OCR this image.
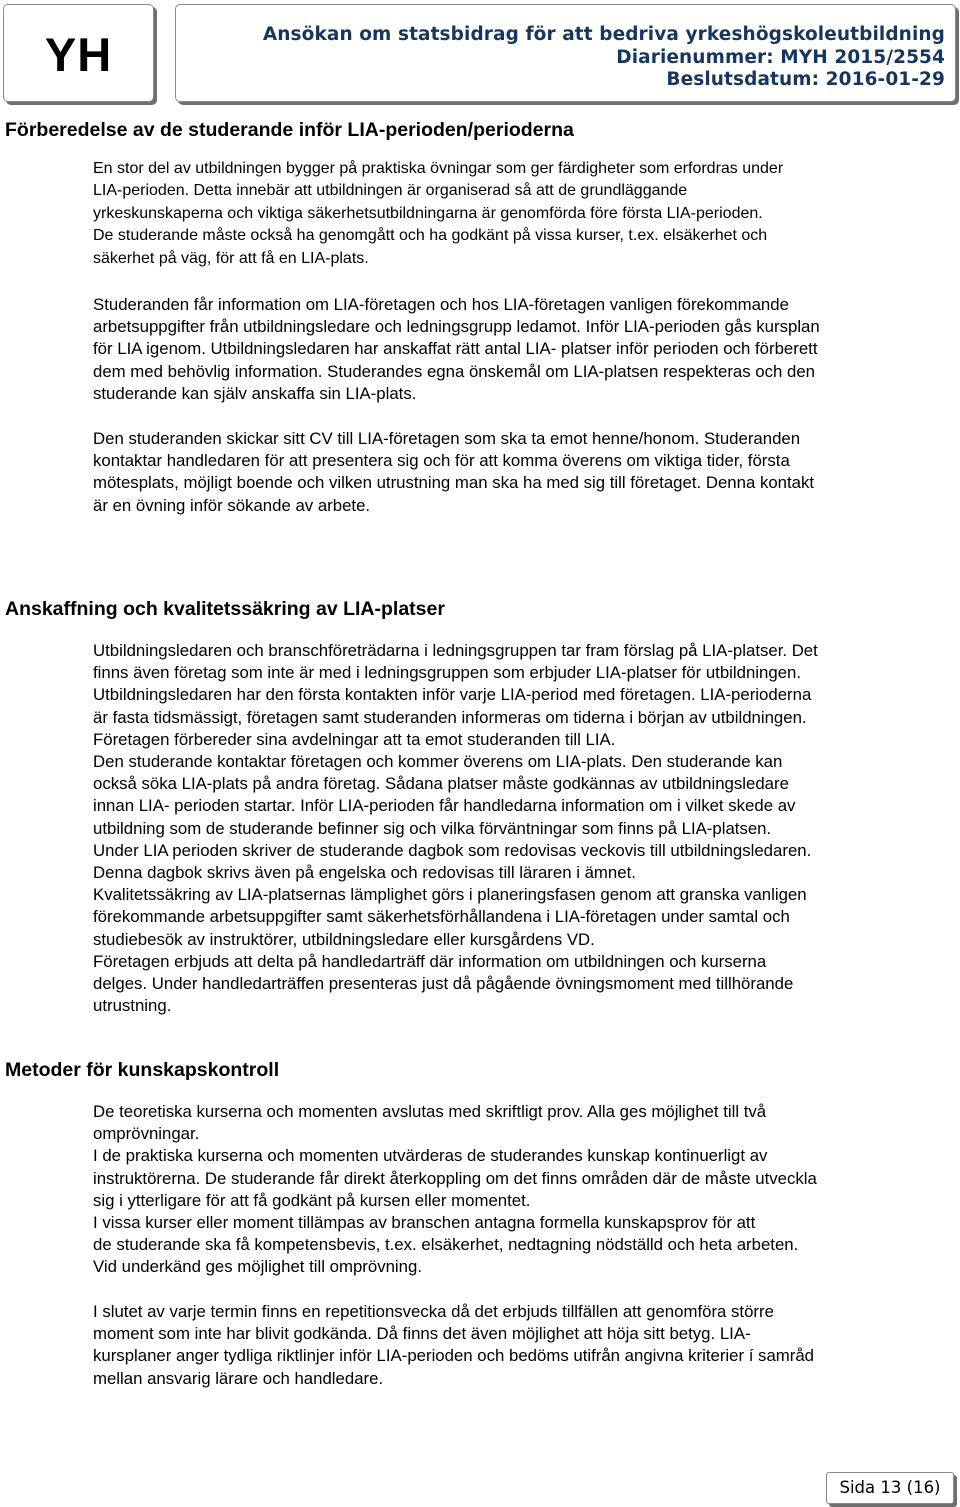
YH	Ansökan om statsbidrag för att bedriva yrkeshögskoleutbildning
Diarienummer: MYH 2015/2554
Beslutsdatum: 2016-01-29
Förberedelse av de studerande inför LIA-perioden/perioderna

En stor del av utbildningen bygger på praktiska övningar som ger färdigheter som erfordras under
LIA-perioden. Detta innebär att utbildningen är organiserad så att de grundläggande
yrkeskunskaperna och viktiga säkerhetsutbildningarna är genomförda före första LIA-perioden.
De studerande måste också ha genomgått och ha godkänt på vissa kurser, t.ex. elsäkerhet och
säkerhet på väg, för att få en LIA-plats.

Studeranden får information om LIA-företagen och hos LIA-företagen vanligen förekommande
arbetsuppgifter från utbildningsledare och ledningsgrupp ledamot. Inför LIA-perioden gås kursplan
för LIA igenom. Utbildningsledaren har anskaffat rätt antal LIA- platser inför perioden och förberett
dem med behövlig information. Studerandes egna önskemål om LIA-platsen respekteras och den
studerande kan själv anskaffa sin LIA-plats.

Den studeranden skickar sitt CV till LIA-företagen som ska ta emot henne/honom. Studeranden
kontaktar handledaren för att presentera sig och för att komma överens om viktiga tider, första
mötesplats, möjligt boende och vilken utrustning man ska ha med sig till företaget. Denna kontakt
är en övning inför sökande av arbete.

Anskaffning och kvalitetssäkring av LIA-platser

Utbildningsledaren och branschföreträdarna i ledningsgruppen tar fram förslag på LIA-platser. Det
finns även företag som inte är med i ledningsgruppen som erbjuder LIA-platser för utbildningen.
Utbildningsledaren har den första kontakten inför varje LIA-period med företagen. LIA-perioderna
är fasta tidsmässigt, företagen samt studeranden informeras om tiderna i början av utbildningen.
Företagen förbereder sina avdelningar att ta emot studeranden till LIA.
Den studerande kontaktar företagen och kommer överens om LIA-plats. Den studerande kan
också söka LIA-plats på andra företag. Sådana platser måste godkännas av utbildningsledare
innan LIA- perioden startar. Inför LIA-perioden får handledarna information om i vilket skede av
utbildning som de studerande befinner sig och vilka förväntningar som finns på LIA-platsen.
Under LIA perioden skriver de studerande dagbok som redovisas veckovis till utbildningsledaren.
Denna dagbok skrivs även på engelska och redovisas till läraren i ämnet.
Kvalitetssäkring av LIA-platsernas lämplighet görs i planeringsfasen genom att granska vanligen
förekommande arbetsuppgifter samt säkerhetsförhållandena i LIA-företagen under samtal och
studiebesök av instruktörer, utbildningsledare eller kursgårdens VD.
Företagen erbjuds att delta på handledarträff där information om utbildningen och kurserna
delges. Under handledarträffen presenteras just då pågående övningsmoment med tillhörande
utrustning.

Metoder för kunskapskontroll

De teoretiska kurserna och momenten avslutas med skriftligt prov. Alla ges möjlighet till två
omprövningar.
I de praktiska kurserna och momenten utvärderas de studerandes kunskap kontinuerligt av
instruktörerna. De studerande får direkt återkoppling om det finns områden där de måste utveckla
sig i ytterligare för att få godkänt på kursen eller momentet.
I vissa kurser eller moment tillämpas av branschen antagna formella kunskapsprov för att
de studerande ska få kompetensbevis, t.ex. elsäkerhet, nedtagning nödställd och heta arbeten.
Vid underkänd ges möjlighet till omprövning.

I slutet av varje termin finns en repetitionsvecka då det erbjuds tillfällen att genomföra större
moment som inte har blivit godkända. Då finns det även möjlighet att höja sitt betyg. LIA-
kursplaner anger tydliga riktlinjer inför LIA-perioden och bedöms utifrån angivna kriterier í samråd
mellan ansvarig lärare och handledare.

Sida 13 (16)
